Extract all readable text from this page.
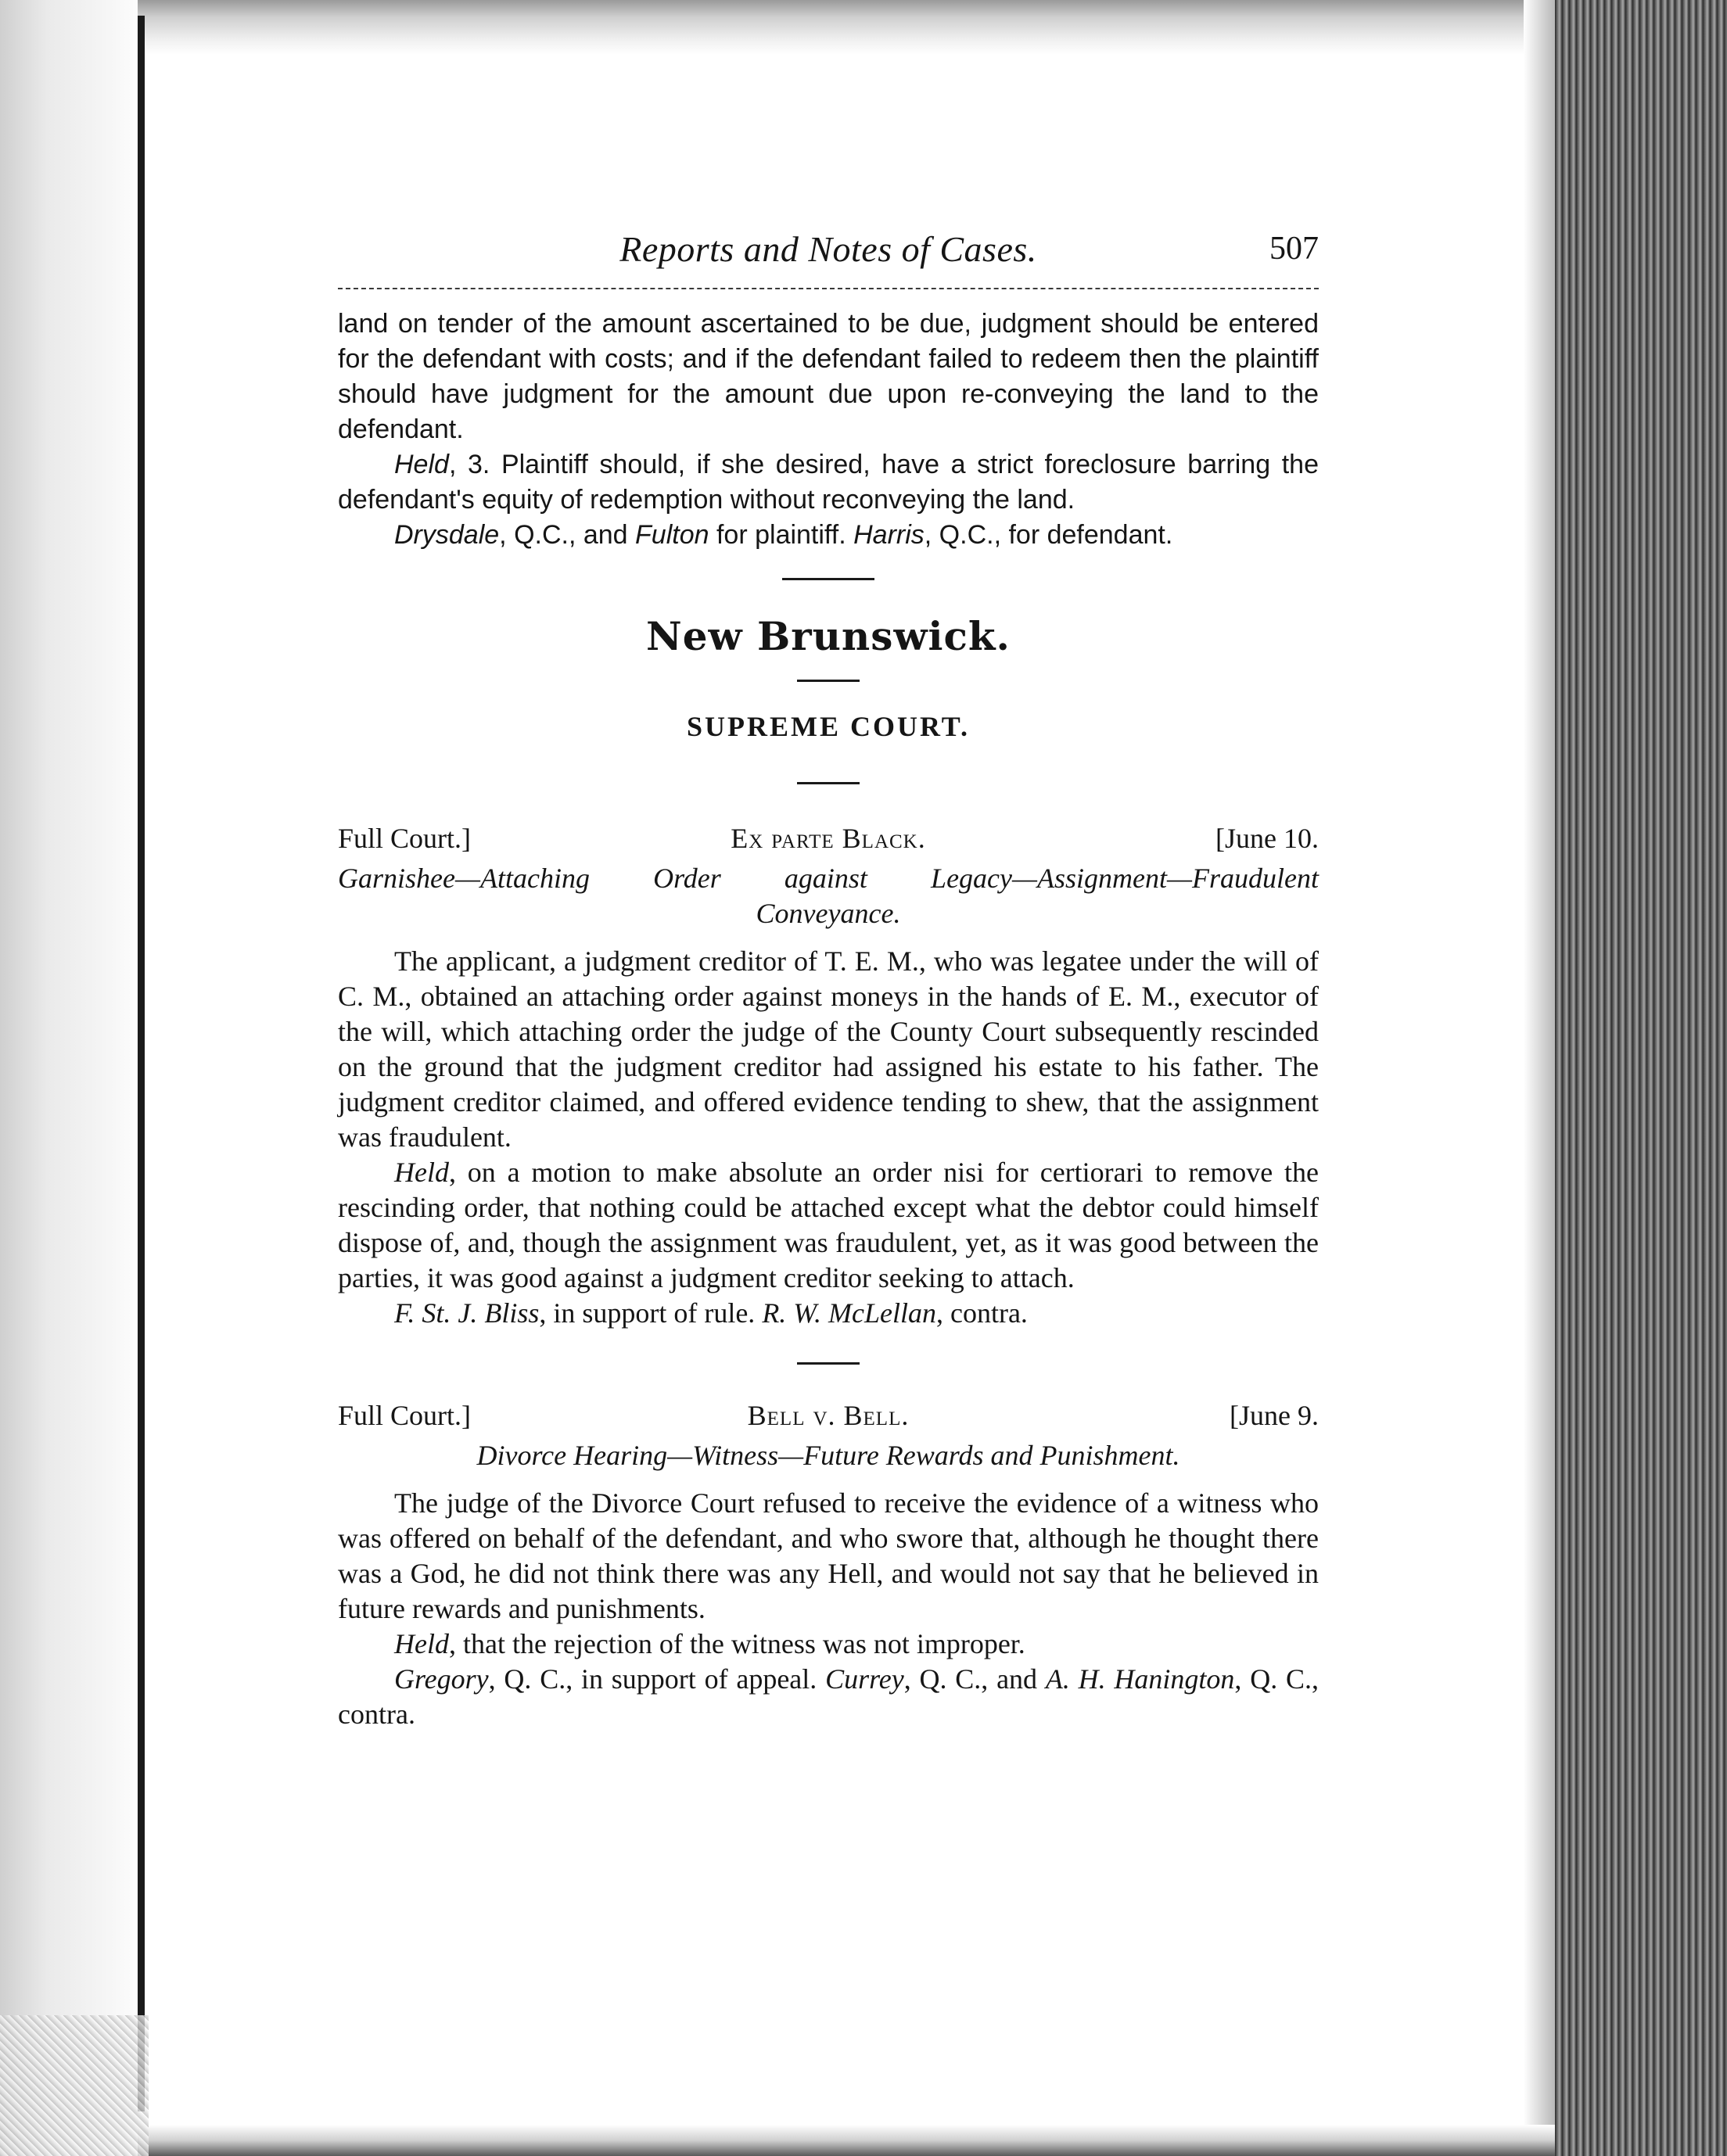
Reports and Notes of Cases.	507

land on tender of the amount ascertained to be due, judgment should be entered for the defendant with costs; and if the defendant failed to redeem then the plaintiff should have judgment for the amount due upon re-conveying the land to the defendant.

Held, 3. Plaintiff should, if she desired, have a strict foreclosure barring the defendant's equity of redemption without reconveying the land.

Drysdale, Q.C., and Fulton for plaintiff. Harris, Q.C., for defendant.

New Brunswick.
SUPREME COURT.
Full Court.]	Ex parte Black.	[June 10.

Garnishee—Attaching Order against Legacy—Assignment—Fraudulent

Conveyance.

The applicant, a judgment creditor of T. E. M., who was legatee under the will of C. M., obtained an attaching order against moneys in the hands of E. M., executor of the will, which attaching order the judge of the County Court subsequently rescinded on the ground that the judgment creditor had assigned his estate to his father. The judgment creditor claimed, and offered evidence tending to shew, that the assignment was fraudulent.

Held, on a motion to make absolute an order nisi for certiorari to remove the rescinding order, that nothing could be attached except what the debtor could himself dispose of, and, though the assignment was fraudulent, yet, as it was good between the parties, it was good against a judgment creditor seeking to attach.

F. St. J. Bliss, in support of rule. R. W. McLellan, contra.

Full Court.]	Bell v. Bell.	[June 9.

Divorce Hearing—Witness—Future Rewards and Punishment.

The judge of the Divorce Court refused to receive the evidence of a witness who was offered on behalf of the defendant, and who swore that, although he thought there was a God, he did not think there was any Hell, and would not say that he believed in future rewards and punishments.

Held, that the rejection of the witness was not improper.

Gregory, Q. C., in support of appeal. Currey, Q. C., and A. H. Hanington, Q. C., contra.
